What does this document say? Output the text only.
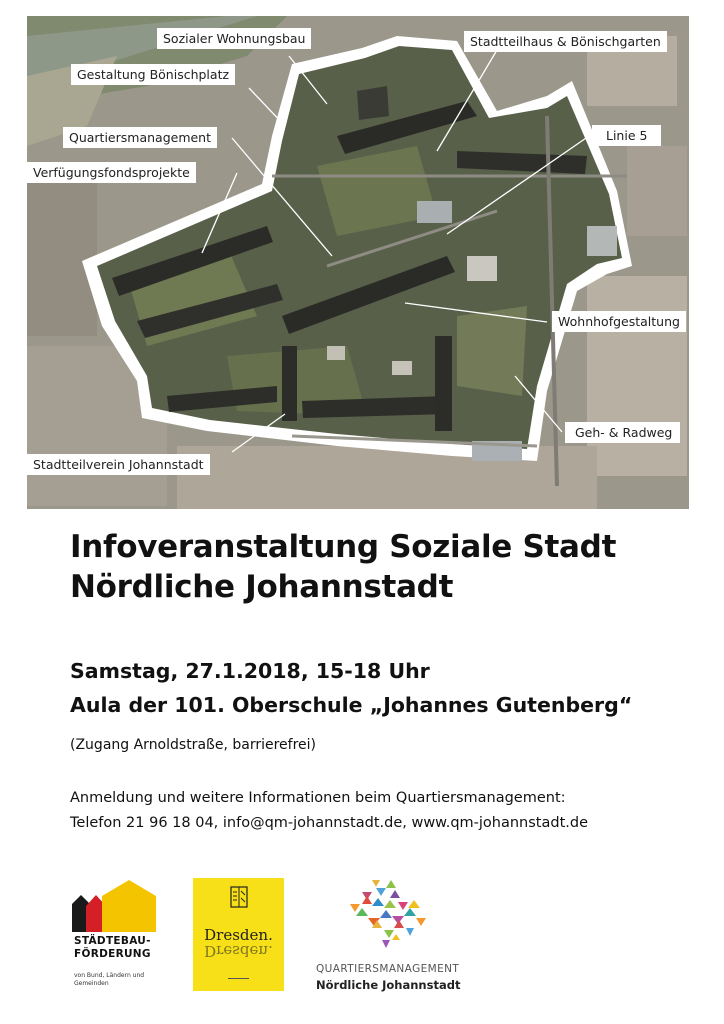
Sozialer Wohnungsbau	Stadtteilhaus & Bönischgarten
Gestaltung Bönischplatz
Quartiersmanagement
Verfügungsfondsprojekte
Linie 5
Wohnhofgestaltung
Geh- & Radweg
Stadtteilverein Johannstadt
Infoveranstaltung Soziale Stadt
Nördliche Johannstadt
Samstag, 27.1.2018, 15-18 Uhr
Aula der 101. Oberschule „Johannes Gutenberg“
(Zugang Arnoldstraße, barrierefrei)
Anmeldung und weitere Informationen beim Quartiersmanagement:
Telefon 21 96 18 04, info@qm-johannstadt.de, www.qm-johannstadt.de
STÄDTEBAU-
FÖRDERUNG
von Bund, Ländern und Gemeinden
Dresden.
Dresden.
QUARTIERSMANAGEMENT
Nördliche Johannstadt
